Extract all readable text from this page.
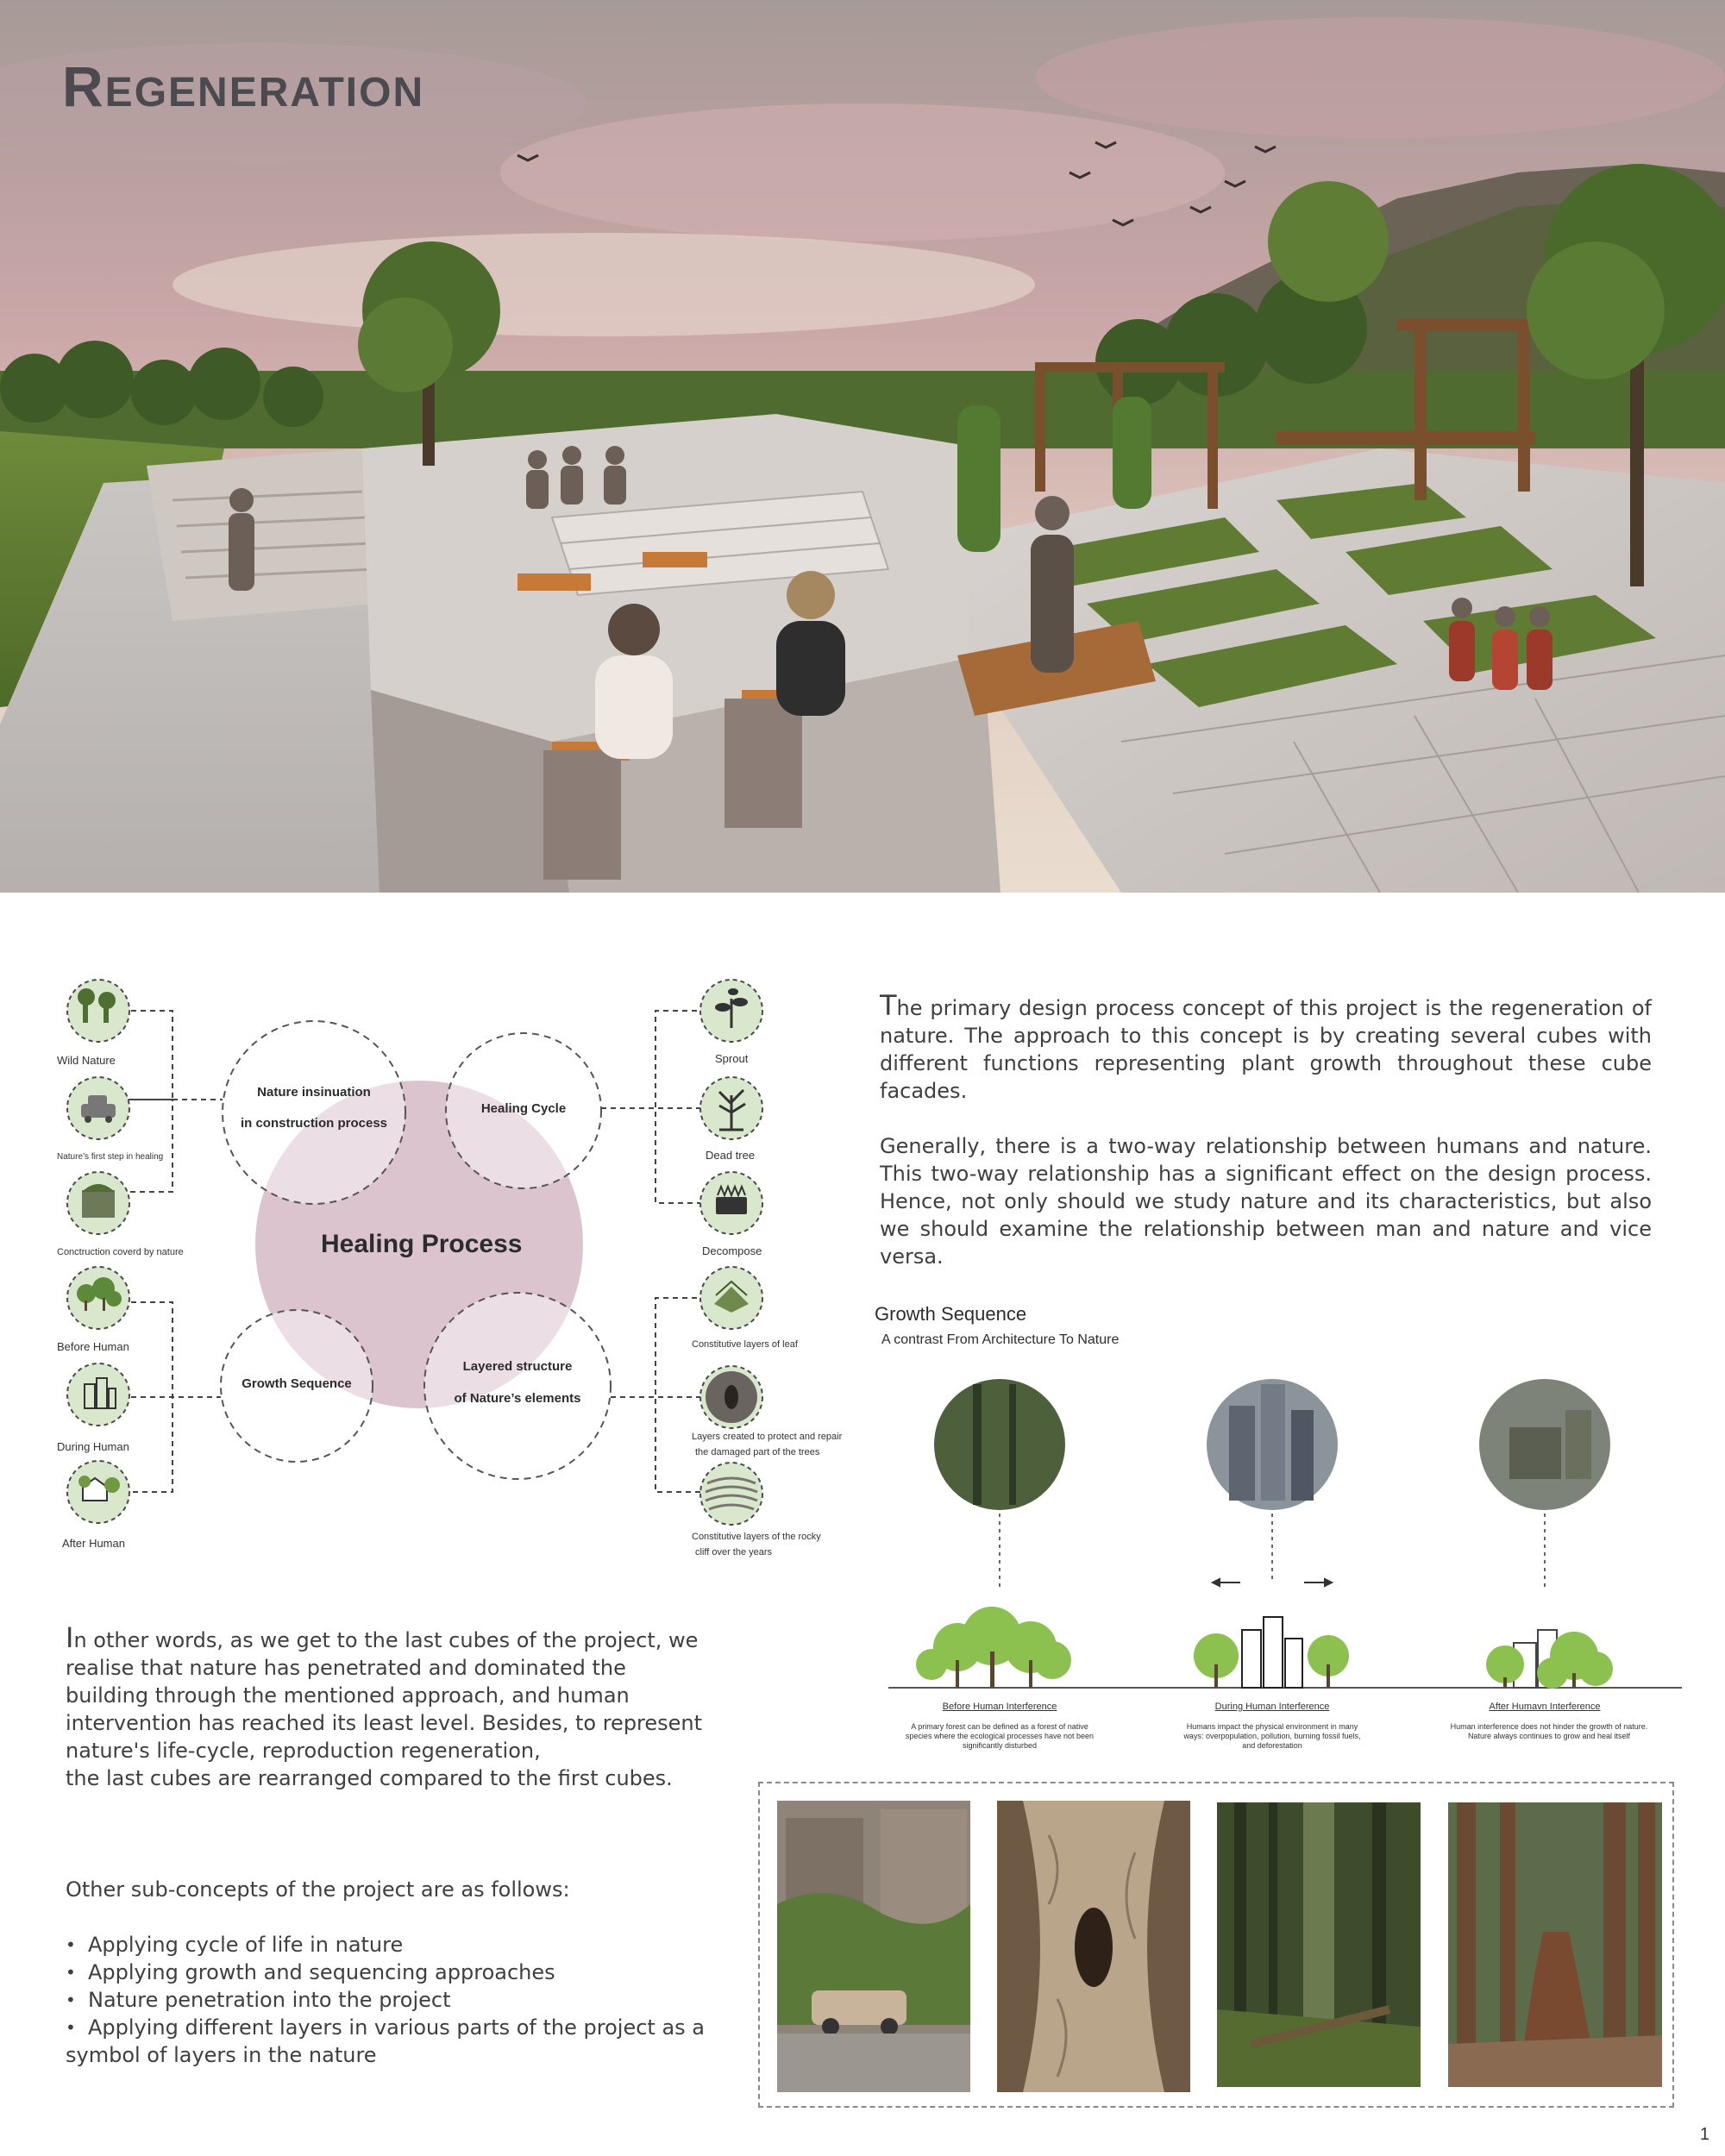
REGENERATION
Healing Process
Nature insinuation
in construction process
Healing Cycle
Growth Sequence
Layered structure
of Nature’s elements
Wild Nature
Nature’s first step in healing
Conctruction coverd by nature
Before Human
During Human
After Human
Sprout
Dead tree
Decompose
Constitutive layers of leaf
Layers created to protect and repair
the damaged part of the trees
Constitutive layers of the rocky
cliff over the years

The primary design process concept of this project is the regeneration of nature. The approach to this concept is by creating several cubes with different functions representing plant growth throughout these cube facades.

Generally, there is a two-way relationship between humans and nature. This two-way relationship has a significant effect on the design process. Hence, not only should we study nature and its characteristics, but also we should examine the relationship between man and nature and vice versa.

Growth Sequence
A contrast From Architecture To Nature
Before Human Interference	During Human Interference	After Humavn Interference
A primary forest can be defined as a forest of native species where the ecological processes have not been significantly disturbed
Humans impact the physical environment in many ways: overpopulation, pollution, burning fossil fuels, and deforestation
Human interference does not hinder the growth of nature. Nature always continues to grow and heal itself
In other words, as we get to the last cubes of the project, we realise that nature has penetrated and dominated the building through the mentioned approach, and human intervention has reached its least level. Besides, to represent nature's life-cycle, reproduction regeneration,
the last cubes are rearranged compared to the first cubes.
Other sub-concepts of the project are as follows:
• Applying cycle of life in nature
• Applying growth and sequencing approaches
• Nature penetration into the project
• Applying different layers in various parts of the project as a
symbol of layers in the nature
1
